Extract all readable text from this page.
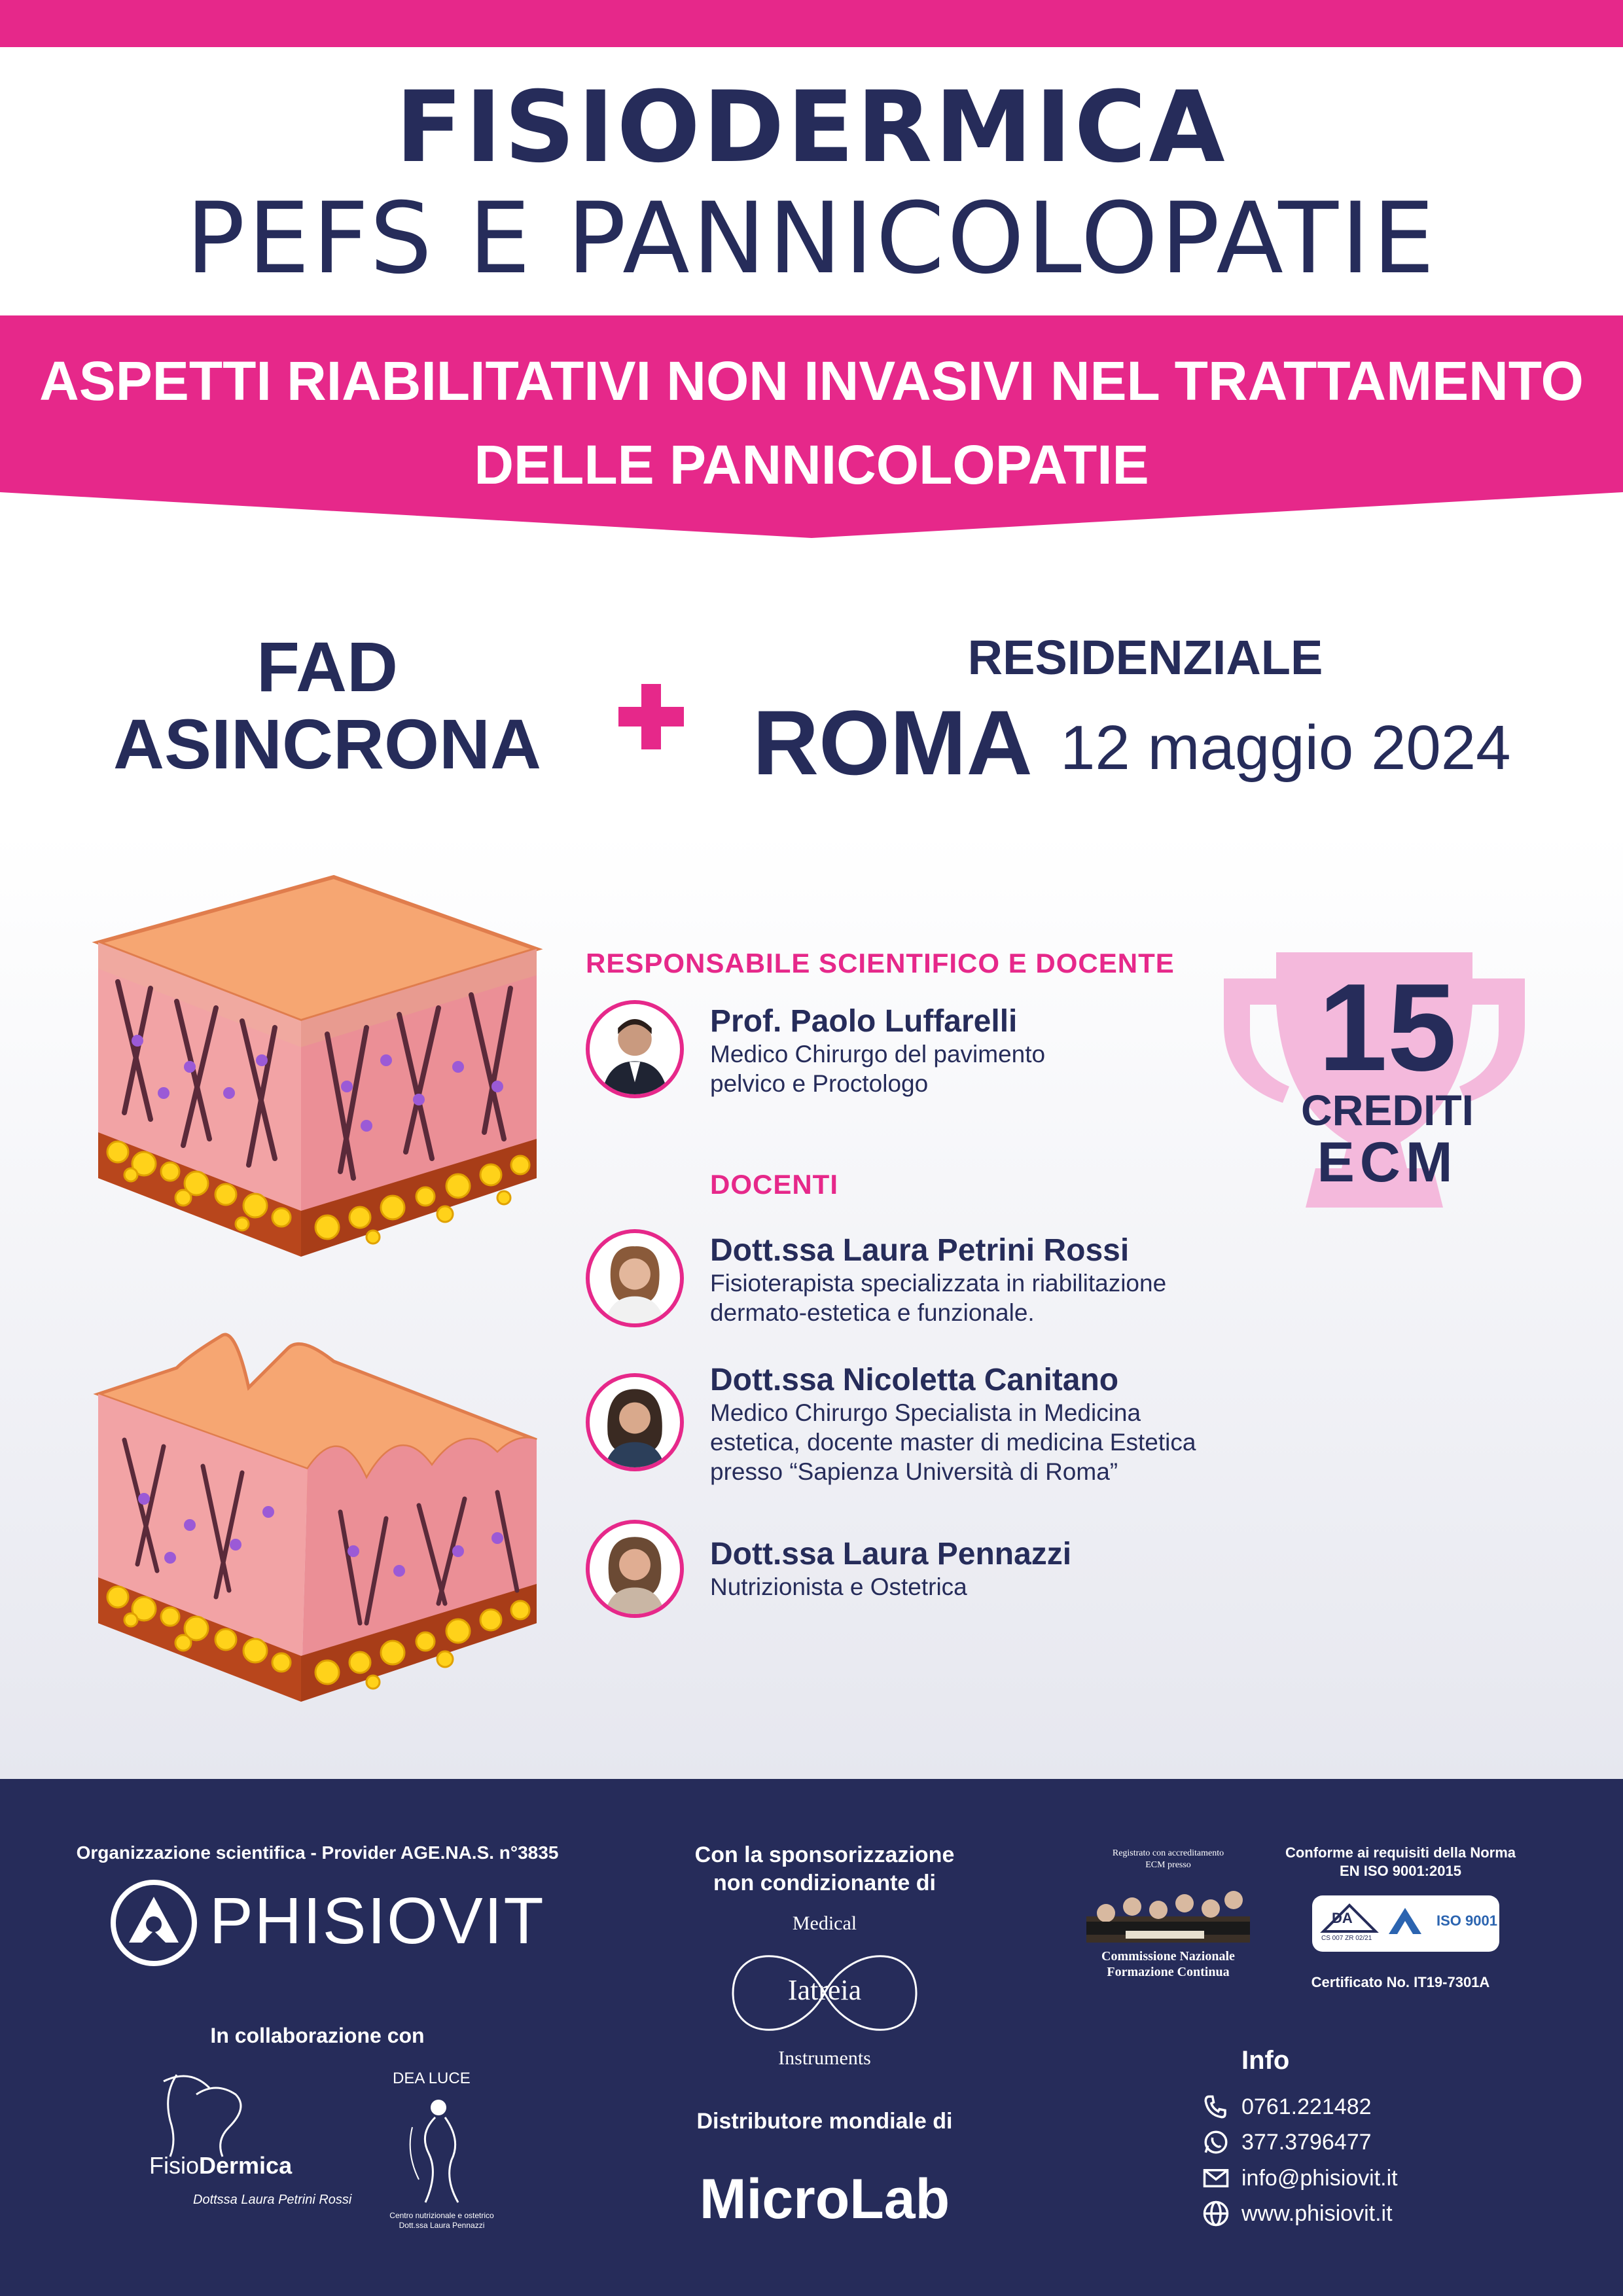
FISIODERMICA
PEFS E PANNICOLOPATIE
ASPETTI RIABILITATIVI NON INVASIVI NEL TRATTAMENTO
DELLE PANNICOLOPATIE
FAD
ASINCRONA
RESIDENZIALE
ROMA 12 maggio 2024
RESPONSABILE SCIENTIFICO E DOCENTE
Prof. Paolo Luffarelli
Medico Chirurgo del pavimento
pelvico e Proctologo
DOCENTI
Dott.ssa Laura Petrini Rossi
Fisioterapista specializzata in riabilitazione
dermato-estetica e funzionale.
Dott.ssa Nicoletta Canitano
Medico Chirurgo Specialista in Medicina
estetica, docente master di medicina Estetica
presso “Sapienza Università di Roma”
Dott.ssa Laura Pennazzi
Nutrizionista e Ostetrica
15
CREDITI
ECM
Organizzazione scientifica - Provider AGE.NA.S. n°3835
PHISIOVIT
In collaborazione con
FisioDermica
Dottssa Laura Petrini Rossi
DEA LUCE
Centro nutrizionale e ostetrico
Dott.ssa Laura Pennazzi
Con la sponsorizzazione
non condizionante di
Medical
Iatreia
Instruments
Distributore mondiale di
MicroLab
Registrato con accreditamento
ECM presso
Commissione Nazionale
Formazione Continua
Conforme ai requisiti della Norma
EN ISO 9001:2015
DA
CS 007 ZR 02/21
ISO 9001
Certificato No. IT19-7301A
Info
0761.221482
377.3796477
info@phisiovit.it
www.phisiovit.it
